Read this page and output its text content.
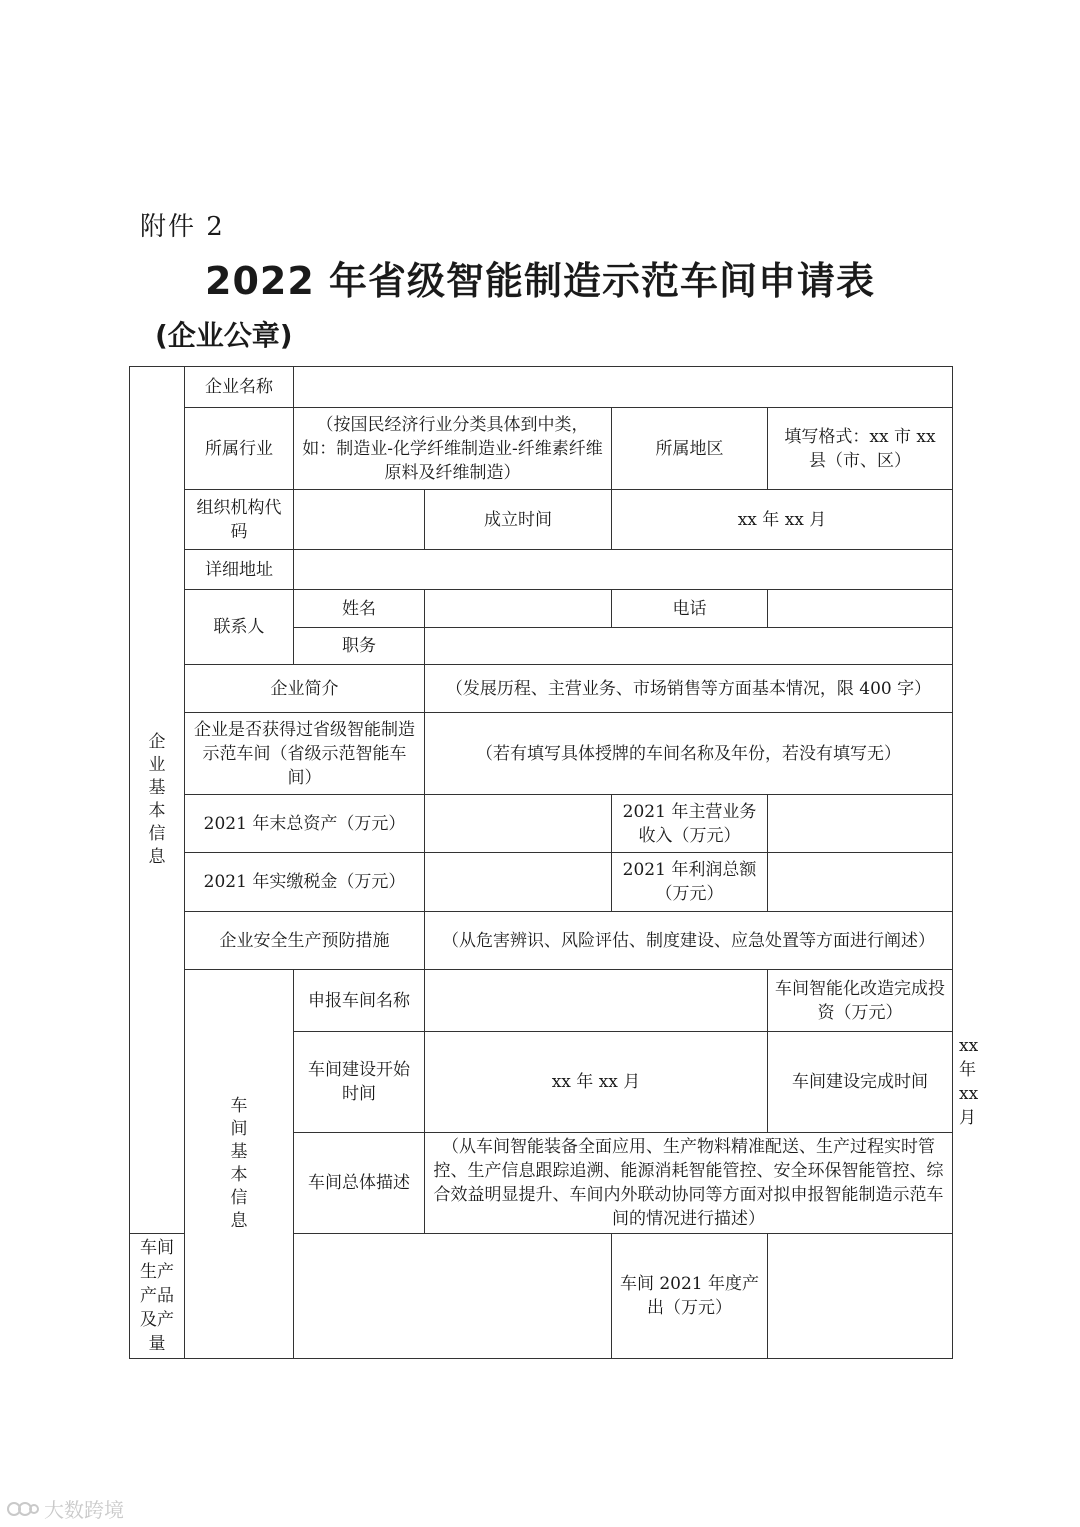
附件 2
2022 年省级智能制造示范车间申请表
(企业公章)
企业基本信息	企业名称					
	所属行业	（按国民经济行业分类具体到中类，如：制造业-化学纤维制造业-纤维素纤维原料及纤维制造）		所属地区	填写格式：xx 市 xx 县（市、区）	
	组织机构代码		成立时间	xx 年 xx 月		
	详细地址					
	联系人	姓名		电话		
		职务				
	企业简介		（发展历程、主营业务、市场销售等方面基本情况，限 400 字）			
	企业是否获得过省级智能制造示范车间（省级示范智能车间）		（若有填写具体授牌的车间名称及年份，若没有填写无）			
	2021 年末总资产（万元）			2021 年主营业务收入（万元）		
	2021 年实缴税金（万元）			2021 年利润总额（万元）		
	企业安全生产预防措施		（从危害辨识、风险评估、制度建设、应急处置等方面进行阐述）			
	车间基本信息	申报车间名称			车间智能化改造完成投资（万元）	
		车间建设开始时间	xx 年 xx 月		车间建设完成时间	xx 年 xx 月
		车间总体描述	（从车间智能装备全面应用、生产物料精准配送、生产过程实时管控、生产信息跟踪追溯、能源消耗智能管控、安全环保智能管控、综合效益明显提升、车间内外联动协同等方面对拟申报智能制造示范车间的情况进行描述）			
车间生产产品及产量				车间 2021 年度产出（万元）		
大数跨境
